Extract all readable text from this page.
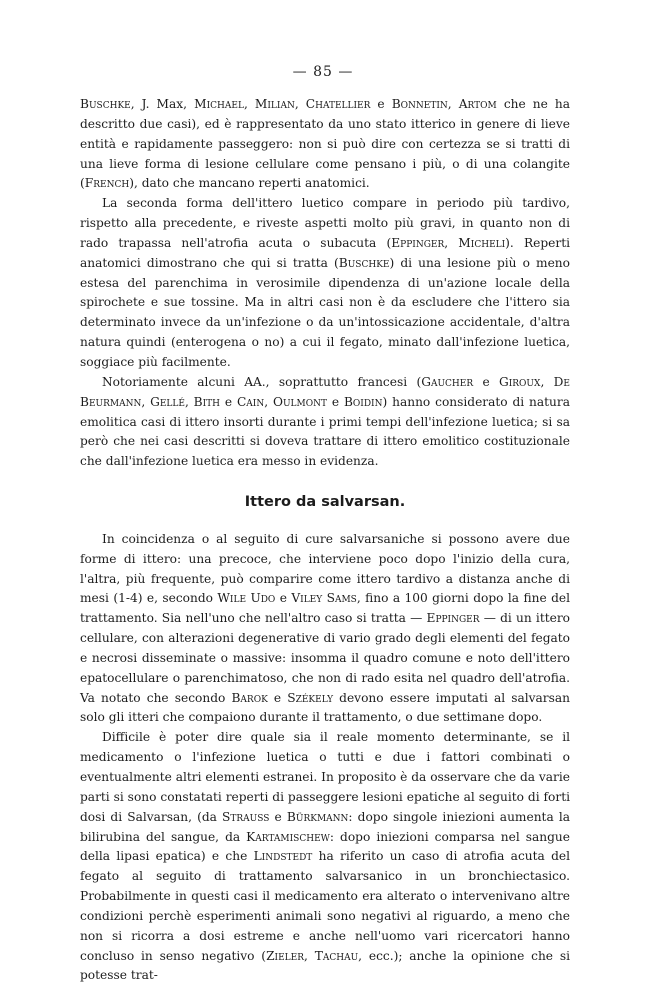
— 85 —

Buschke, J. Max, Michael, Milian, Chatellier e Bonnetin, Artom che ne ha descritto due casi), ed è rappresentato da uno stato itterico in genere di lieve entità e rapidamente passeggero: non si può dire con certezza se si tratti di una lieve forma di lesione cellulare come pensano i più, o di una colangite (French), dato che mancano reperti anatomici.

La seconda forma dell'ittero luetico compare in periodo più tardivo, rispetto alla precedente, e riveste aspetti molto più gravi, in quanto non di rado trapassa nell'atrofia acuta o subacuta (Eppinger, Micheli). Reperti anatomici dimostrano che qui si tratta (Buschke) di una lesione più o meno estesa del parenchima in verosimile dipendenza di un'azione locale della spirochete e sue tossine. Ma in altri casi non è da escludere che l'ittero sia determinato invece da un'infezione o da un'intossicazione accidentale, d'altra natura quindi (enterogena o no) a cui il fegato, minato dall'infezione luetica, soggiace più facilmente.

Notoriamente alcuni AA., soprattutto francesi (Gaucher e Giroux, De Beurmann, Gellé, Bith e Cain, Oulmont e Boidin) hanno considerato di natura emolitica casi di ittero insorti durante i primi tempi dell'infezione luetica; si sa però che nei casi descritti si doveva trattare di ittero emolitico costituzionale che dall'infezione luetica era messo in evidenza.

Ittero da salvarsan.

In coincidenza o al seguito di cure salvarsaniche si possono avere due forme di ittero: una precoce, che interviene poco dopo l'inizio della cura, l'altra, più frequente, può comparire come ittero tardivo a distanza anche di mesi (1-4) e, secondo Wile Udo e Viley Sams, fino a 100 giorni dopo la fine del trattamento. Sia nell'uno che nell'altro caso si tratta — Eppinger — di un ittero cellulare, con alterazioni degenerative di vario grado degli elementi del fegato e necrosi disseminate o massive: insomma il quadro comune e noto dell'ittero epatocellulare o parenchimatoso, che non di rado esita nel quadro dell'atrofia. Va notato che secondo Barok e Székely devono essere imputati al salvarsan solo gli itteri che compaiono durante il trattamento, o due settimane dopo.

Difficile è poter dire quale sia il reale momento determinante, se il medicamento o l'infezione luetica o tutti e due i fattori combinati o eventualmente altri elementi estranei. In proposito è da osservare che da varie parti si sono constatati reperti di passeggere lesioni epatiche al seguito di forti dosi di Salvarsan, (da Strauss e Bürkmann: dopo singole iniezioni aumenta la bilirubina del sangue, da Kartamischew: dopo iniezioni comparsa nel sangue della lipasi epatica) e che Lindstedt ha riferito un caso di atrofia acuta del fegato al seguito di trattamento salvarsanico in un bronchiectasico. Probabilmente in questi casi il medicamento era alterato o intervenivano altre condizioni perchè esperimenti animali sono negativi al riguardo, a meno che non si ricorra a dosi estreme e anche nell'uomo vari ricercatori hanno concluso in senso negativo (Zieler, Tachau, ecc.); anche la opinione che si potesse trat-
